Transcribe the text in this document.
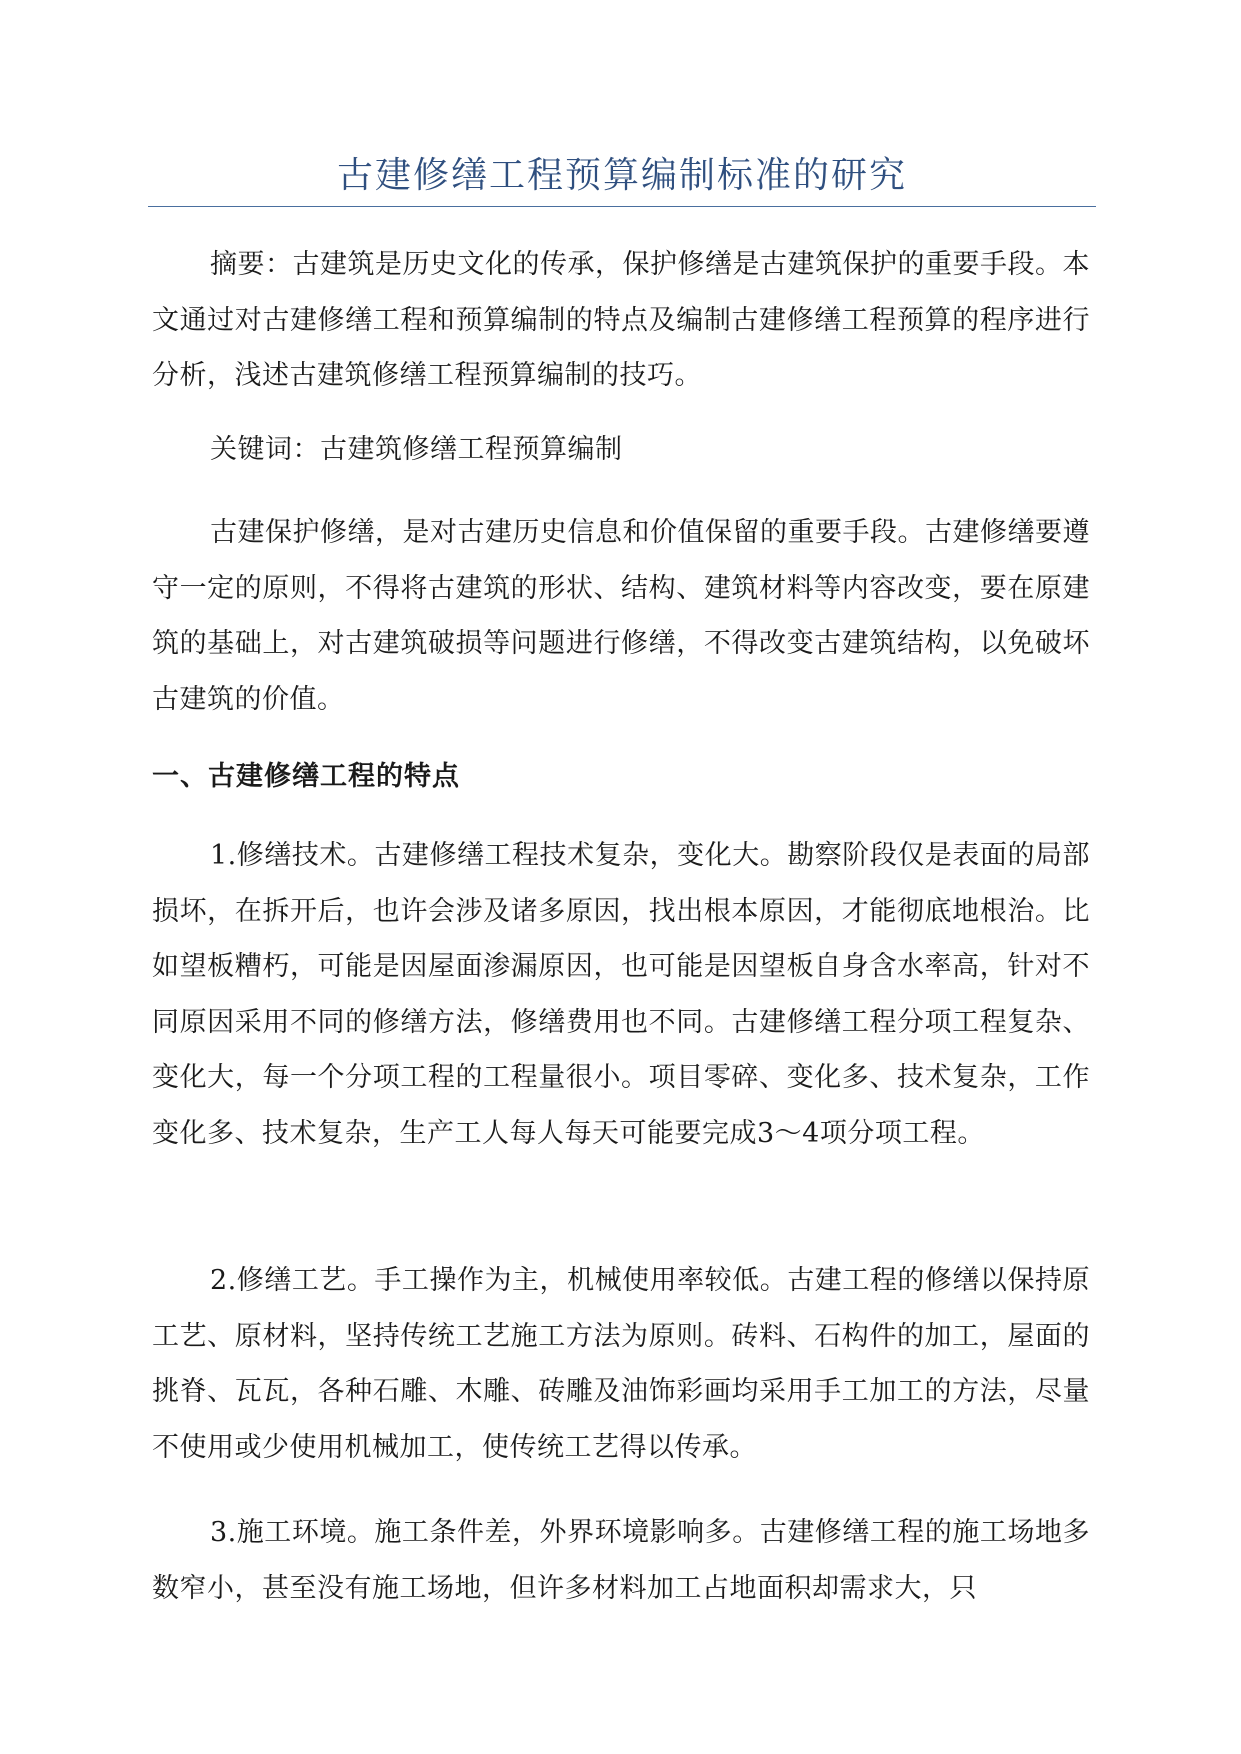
古建修缮工程预算编制标准的研究
摘要：古建筑是历史文化的传承，保护修缮是古建筑保护的重要手段。本文通过对古建修缮工程和预算编制的特点及编制古建修缮工程预算的程序进行分析，浅述古建筑修缮工程预算编制的技巧。
关键词：古建筑修缮工程预算编制
古建保护修缮，是对古建历史信息和价值保留的重要手段。古建修缮要遵守一定的原则，不得将古建筑的形状、结构、建筑材料等内容改变，要在原建筑的基础上，对古建筑破损等问题进行修缮，不得改变古建筑结构，以免破坏古建筑的价值。
一、古建修缮工程的特点
1.修缮技术。古建修缮工程技术复杂，变化大。勘察阶段仅是表面的局部损坏，在拆开后，也许会涉及诸多原因，找出根本原因，才能彻底地根治。比如望板糟朽，可能是因屋面渗漏原因，也可能是因望板自身含水率高，针对不同原因采用不同的修缮方法，修缮费用也不同。古建修缮工程分项工程复杂、变化大，每一个分项工程的工程量很小。项目零碎、变化多、技术复杂，工作变化多、技术复杂，生产工人每人每天可能要完成3～4项分项工程。
2.修缮工艺。手工操作为主，机械使用率较低。古建工程的修缮以保持原工艺、原材料，坚持传统工艺施工方法为原则。砖料、石构件的加工，屋面的挑脊、瓦瓦，各种石雕、木雕、砖雕及油饰彩画均采用手工加工的方法，尽量不使用或少使用机械加工，使传统工艺得以传承。
3.施工环境。施工条件差，外界环境影响多。古建修缮工程的施工场地多数窄小，甚至没有施工场地，但许多材料加工占地面积却需求大，只
